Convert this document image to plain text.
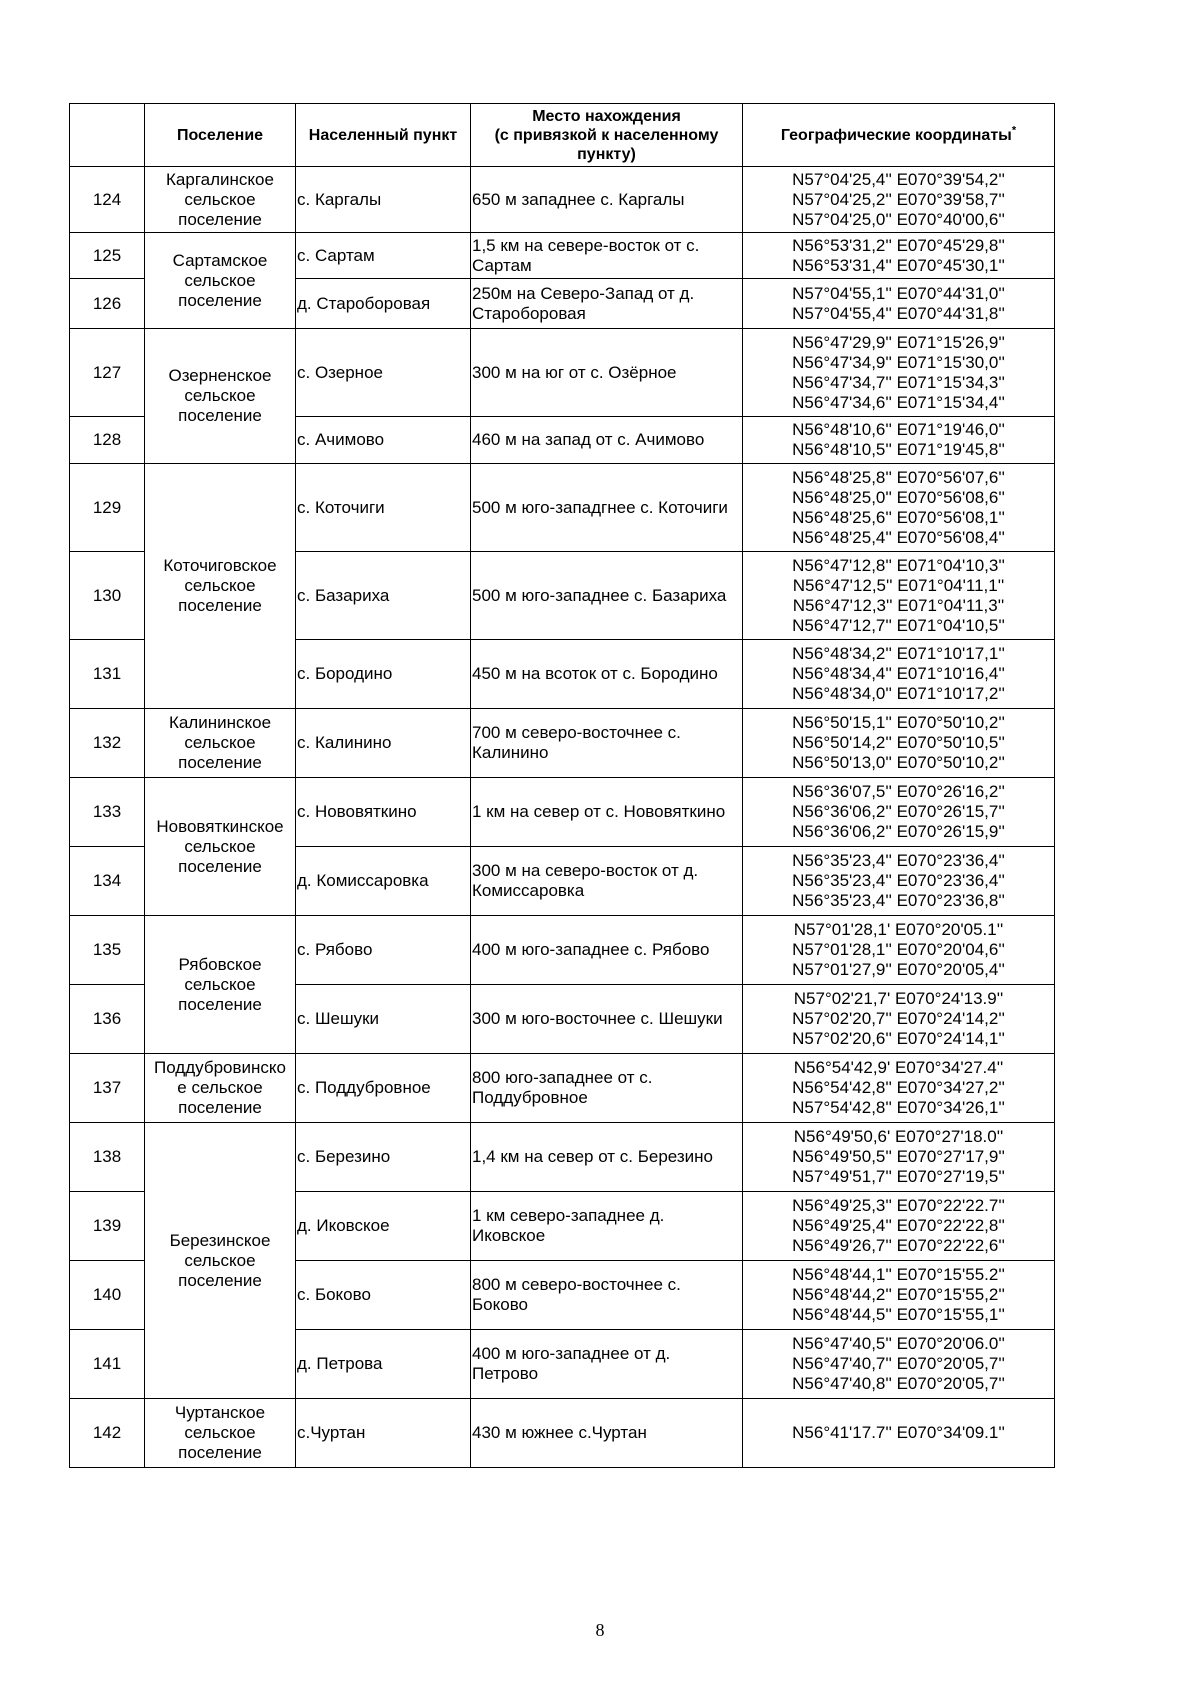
	Поселение	Населенный пункт	Место нахождения
(с привязкой к населенному
пункту)	Географические координаты*
124	Каргалинское
сельское
поселение	с. Каргалы	650 м западнее с. Каргалы	N57°04'25,4'' E070°39'54,2''
N57°04'25,2'' E070°39'58,7''
N57°04'25,0'' E070°40'00,6''

125	Сартамское
сельское
поселение	с. Сартам	1,5 км на севере-восток от с. Сартам	N56°53'31,2'' E070°45'29,8''
N56°53'31,4'' E070°45'30,1''

126		д. Староборовая	250м на Северо-Запад от д. Староборовая	N57°04'55,1'' E070°44'31,0''
N57°04'55,4'' E070°44'31,8''

127	Озерненское
сельское
поселение	с. Озерное	300 м на юг от с. Озёрное	N56°47'29,9'' E071°15'26,9''
N56°47'34,9'' E071°15'30,0''
N56°47'34,7'' E071°15'34,3''
N56°47'34,6'' E071°15'34,4''

128		с. Ачимово	460 м на запад от с. Ачимово	N56°48'10,6'' E071°19'46,0''
N56°48'10,5'' E071°19'45,8''

129	Коточиговское
сельское
поселение	с. Коточиги	500 м юго-западгнее с. Коточиги	N56°48'25,8'' E070°56'07,6''
N56°48'25,0'' E070°56'08,6''
N56°48'25,6'' E070°56'08,1''
N56°48'25,4'' E070°56'08,4''

130		с. Базариха	500 м юго-западнее с. Базариха	N56°47'12,8'' E071°04'10,3''
N56°47'12,5'' E071°04'11,1''
N56°47'12,3'' E071°04'11,3''
N56°47'12,7'' E071°04'10,5''

131		с. Бородино	450 м на всоток от с. Бородино	N56°48'34,2'' E071°10'17,1''
N56°48'34,4'' E071°10'16,4''
N56°48'34,0'' E071°10'17,2''

132	Калининское
сельское
поселение	с. Калинино	700 м северо-восточнее с. Калинино	N56°50'15,1'' E070°50'10,2''
N56°50'14,2'' E070°50'10,5''
N56°50'13,0'' E070°50'10,2''

133	Нововяткинское
сельское
поселение	с. Нововяткино	1 км на север от с. Нововяткино	N56°36'07,5'' E070°26'16,2''
N56°36'06,2'' E070°26'15,7''
N56°36'06,2'' E070°26'15,9''

134		д. Комиссаровка	300 м на северо-восток от д. Комиссаровка	N56°35'23,4'' E070°23'36,4''
N56°35'23,4'' E070°23'36,4''
N56°35'23,4'' E070°23'36,8''

135	Рябовское
сельское
поселение	с. Рябово	400 м юго-западнее с. Рябово	N57°01'28,1' E070°20'05.1''
N57°01'28,1'' E070°20'04,6''
N57°01'27,9'' E070°20'05,4''

136		с. Шешуки	300 м юго-восточнее с. Шешуки	N57°02'21,7' E070°24'13.9''
N57°02'20,7'' E070°24'14,2''
N57°02'20,6'' E070°24'14,1''

137	Поддубровинско
е сельское
поселение	с. Поддубровное	800 юго-западнее от с. Поддубровное	N56°54'42,9' E070°34'27.4''
N56°54'42,8'' E070°34'27,2''
N57°54'42,8'' E070°34'26,1''

138	Березинское
сельское
поселение	с. Березино	1,4 км на север от с. Березино	N56°49'50,6' E070°27'18.0''
N56°49'50,5'' E070°27'17,9''
N57°49'51,7'' E070°27'19,5''

139		д. Иковское	1 км северо-западнее д. Иковское	N56°49'25,3'' E070°22'22.7''
N56°49'25,4'' E070°22'22,8''
N56°49'26,7'' E070°22'22,6''

140		с. Боково	800 м северо-восточнее с. Боково	N56°48'44,1'' E070°15'55.2''
N56°48'44,2'' E070°15'55,2''
N56°48'44,5'' E070°15'55,1''

141		д. Петрова	400 м юго-западнее от д. Петрово	N56°47'40,5'' E070°20'06.0''
N56°47'40,7'' E070°20'05,7''
N56°47'40,8'' E070°20'05,7''

142	Чуртанское
сельское
поселение	с.Чуртан	430 м южнее с.Чуртан	N56°41'17.7'' E070°34'09.1''
8
